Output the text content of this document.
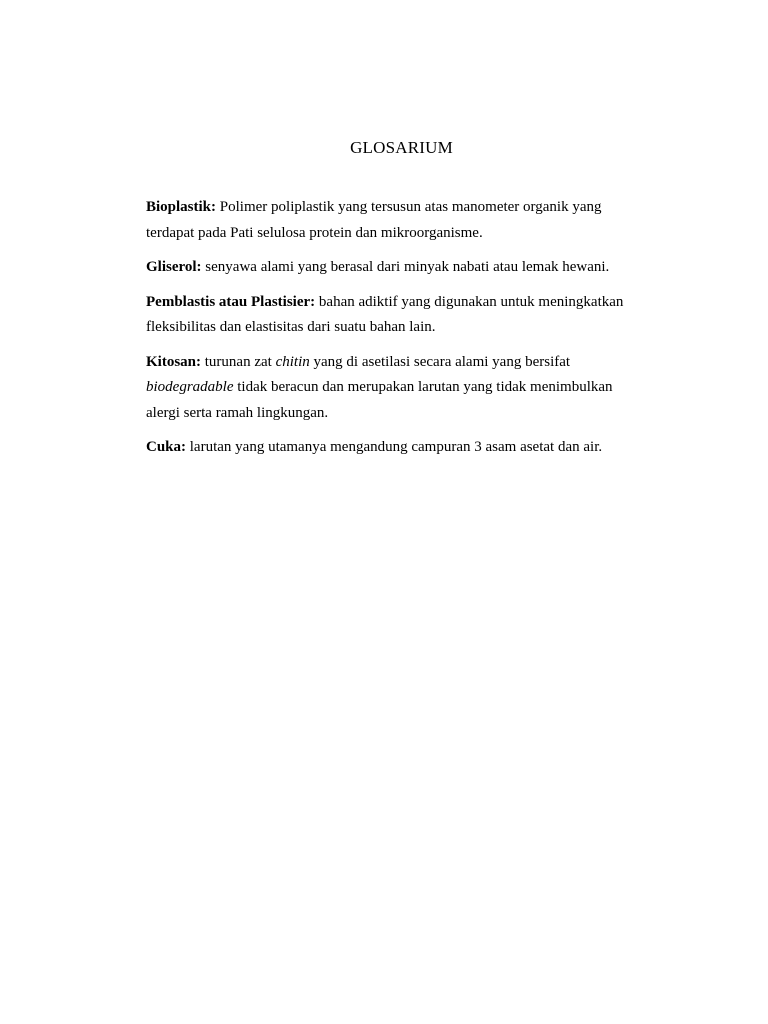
GLOSARIUM

Bioplastik: Polimer poliplastik yang tersusun atas manometer organik yang terdapat pada Pati selulosa protein dan mikroorganisme.

Gliserol: senyawa alami yang berasal dari minyak nabati atau lemak hewani.

Pemblastis atau Plastisier: bahan adiktif yang digunakan untuk meningkatkan fleksibilitas dan elastisitas dari suatu bahan lain.

Kitosan: turunan zat chitin yang di asetilasi secara alami yang bersifat biodegradable tidak beracun dan merupakan larutan yang tidak menimbulkan alergi serta ramah lingkungan.

Cuka: larutan yang utamanya mengandung campuran 3 asam asetat dan air.
